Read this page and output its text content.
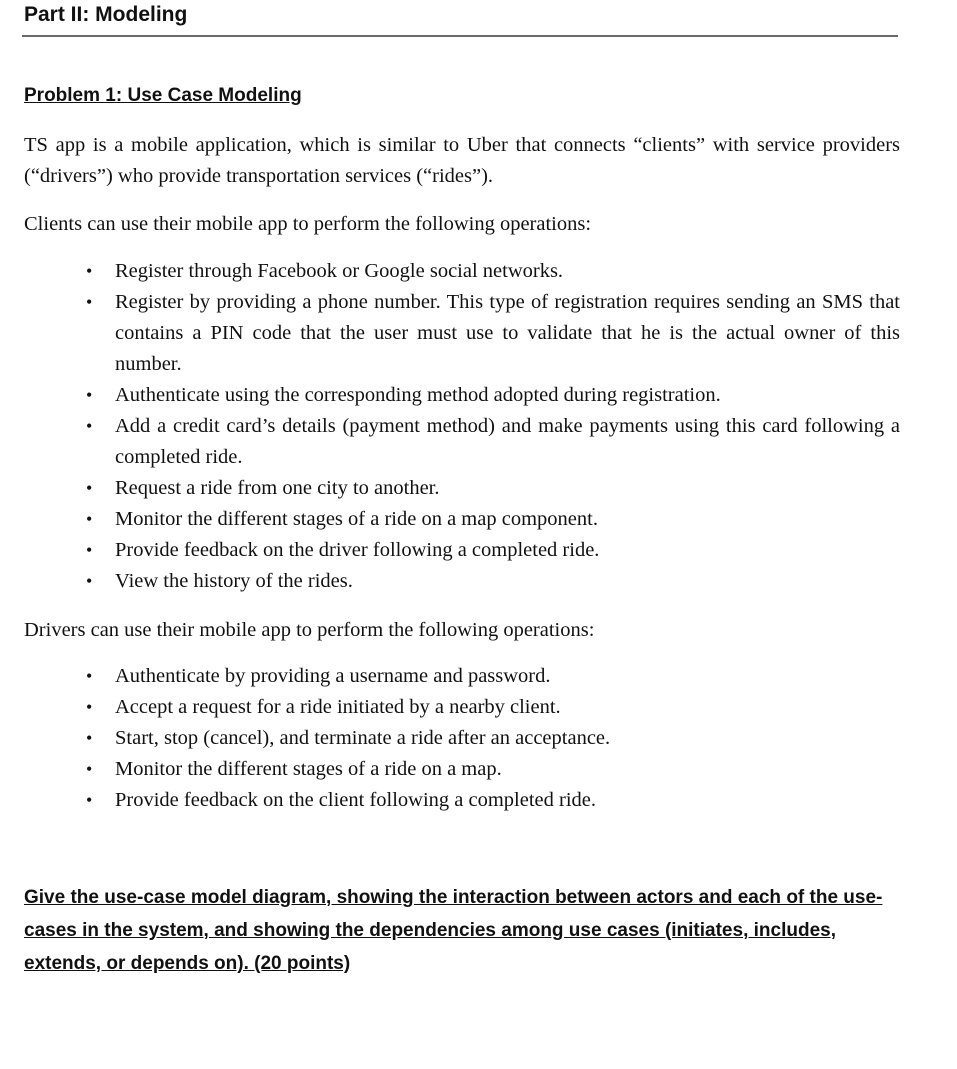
Part II: Modeling
Problem 1: Use Case Modeling

TS app is a mobile application, which is similar to Uber that connects “clients” with service providers (“drivers”) who provide transportation services (“rides”).

Clients can use their mobile app to perform the following operations:

• Register through Facebook or Google social networks.
• Register by providing a phone number. This type of registration requires sending an SMS that contains a PIN code that the user must use to validate that he is the actual owner of this number.
• Authenticate using the corresponding method adopted during registration.
• Add a credit card’s details (payment method) and make payments using this card following a completed ride.
• Request a ride from one city to another.
• Monitor the different stages of a ride on a map component.
• Provide feedback on the driver following a completed ride.
• View the history of the rides.

Drivers can use their mobile app to perform the following operations:

• Authenticate by providing a username and password.
• Accept a request for a ride initiated by a nearby client.
• Start, stop (cancel), and terminate a ride after an acceptance.
• Monitor the different stages of a ride on a map.
• Provide feedback on the client following a completed ride.
Give the use-case model diagram, showing the interaction between actors and each of the use-cases in the system, and showing the dependencies among use cases (initiates, includes, extends, or depends on). (20 points)
